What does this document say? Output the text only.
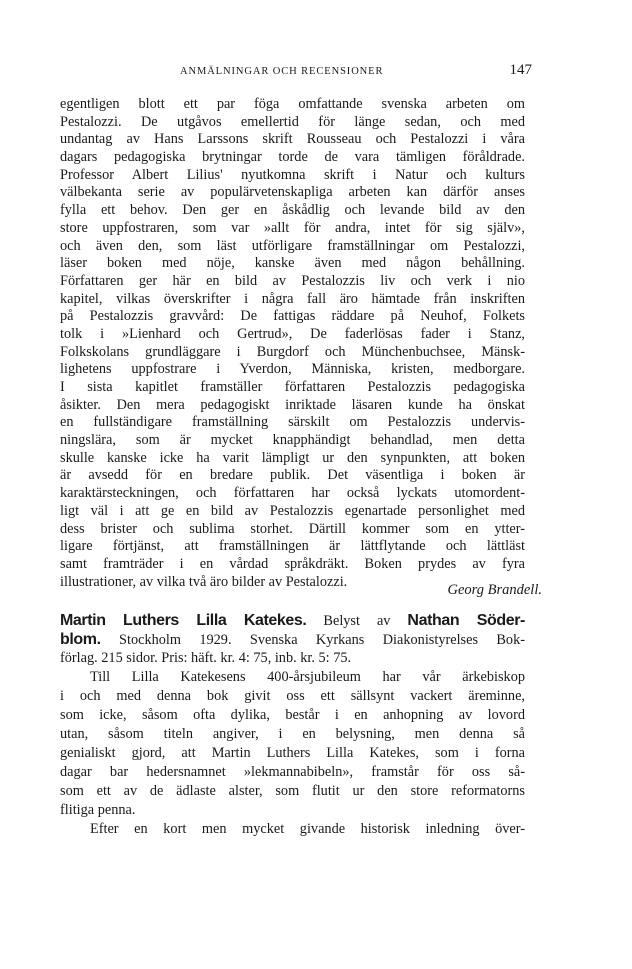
ANMÄLNINGAR OCH RECENSIONER	147
egentligen blott ett par föga omfattande svenska arbeten om
Pestalozzi. De utgåvos emellertid för länge sedan, och med
undantag av Hans Larssons skrift Rousseau och Pestalozzi i våra
dagars pedagogiska brytningar torde de vara tämligen föråldrade.
Professor Albert Lilius' nyutkomna skrift i Natur och kulturs
välbekanta serie av populärvetenskapliga arbeten kan därför anses
fylla ett behov. Den ger en åskådlig och levande bild av den
store uppfostraren, som var »allt för andra, intet för sig själv»,
och även den, som läst utförligare framställningar om Pestalozzi,
läser boken med nöje, kanske även med någon behållning.
Författaren ger här en bild av Pestalozzis liv och verk i nio
kapitel, vilkas överskrifter i några fall äro hämtade från inskriften
på Pestalozzis gravvård: De fattigas räddare på Neuhof, Folkets
tolk i »Lienhard och Gertrud», De faderlösas fader i Stanz,
Folkskolans grundläggare i Burgdorf och Münchenbuchsee, Mänsk-
lighetens uppfostrare i Yverdon, Människa, kristen, medborgare.
I sista kapitlet framställer författaren Pestalozzis pedagogiska
åsikter. Den mera pedagogiskt inriktade läsaren kunde ha önskat
en fullständigare framställning särskilt om Pestalozzis undervis-
ningslära, som är mycket knapphändigt behandlad, men detta
skulle kanske icke ha varit lämpligt ur den synpunkten, att boken
är avsedd för en bredare publik. Det väsentliga i boken är
karaktärsteckningen, och författaren har också lyckats utomordent-
ligt väl i att ge en bild av Pestalozzis egenartade personlighet med
dess brister och sublima storhet. Därtill kommer som en ytter-
ligare förtjänst, att framställningen är lättflytande och lättläst
samt framträder i en vårdad språkdräkt. Boken prydes av fyra
illustrationer, av vilka två äro bilder av Pestalozzi.
Georg Brandell.
Martin Luthers Lilla Katekes. Belyst av Nathan Söder-
blom. Stockholm 1929. Svenska Kyrkans Diakonistyrelses Bok-
förlag. 215 sidor. Pris: häft. kr. 4: 75, inb. kr. 5: 75.
Till Lilla Katekesens 400-årsjubileum har vår ärkebiskop
i och med denna bok givit oss ett sällsynt vackert äreminne,
som icke, såsom ofta dylika, består i en anhopning av lovord
utan, såsom titeln angiver, i en belysning, men denna så
genialiskt gjord, att Martin Luthers Lilla Katekes, som i forna
dagar bar hedersnamnet »lekmannabibeln», framstår för oss så-
som ett av de ädlaste alster, som flutit ur den store reformatorns
flitiga penna.
Efter en kort men mycket givande historisk inledning över-
